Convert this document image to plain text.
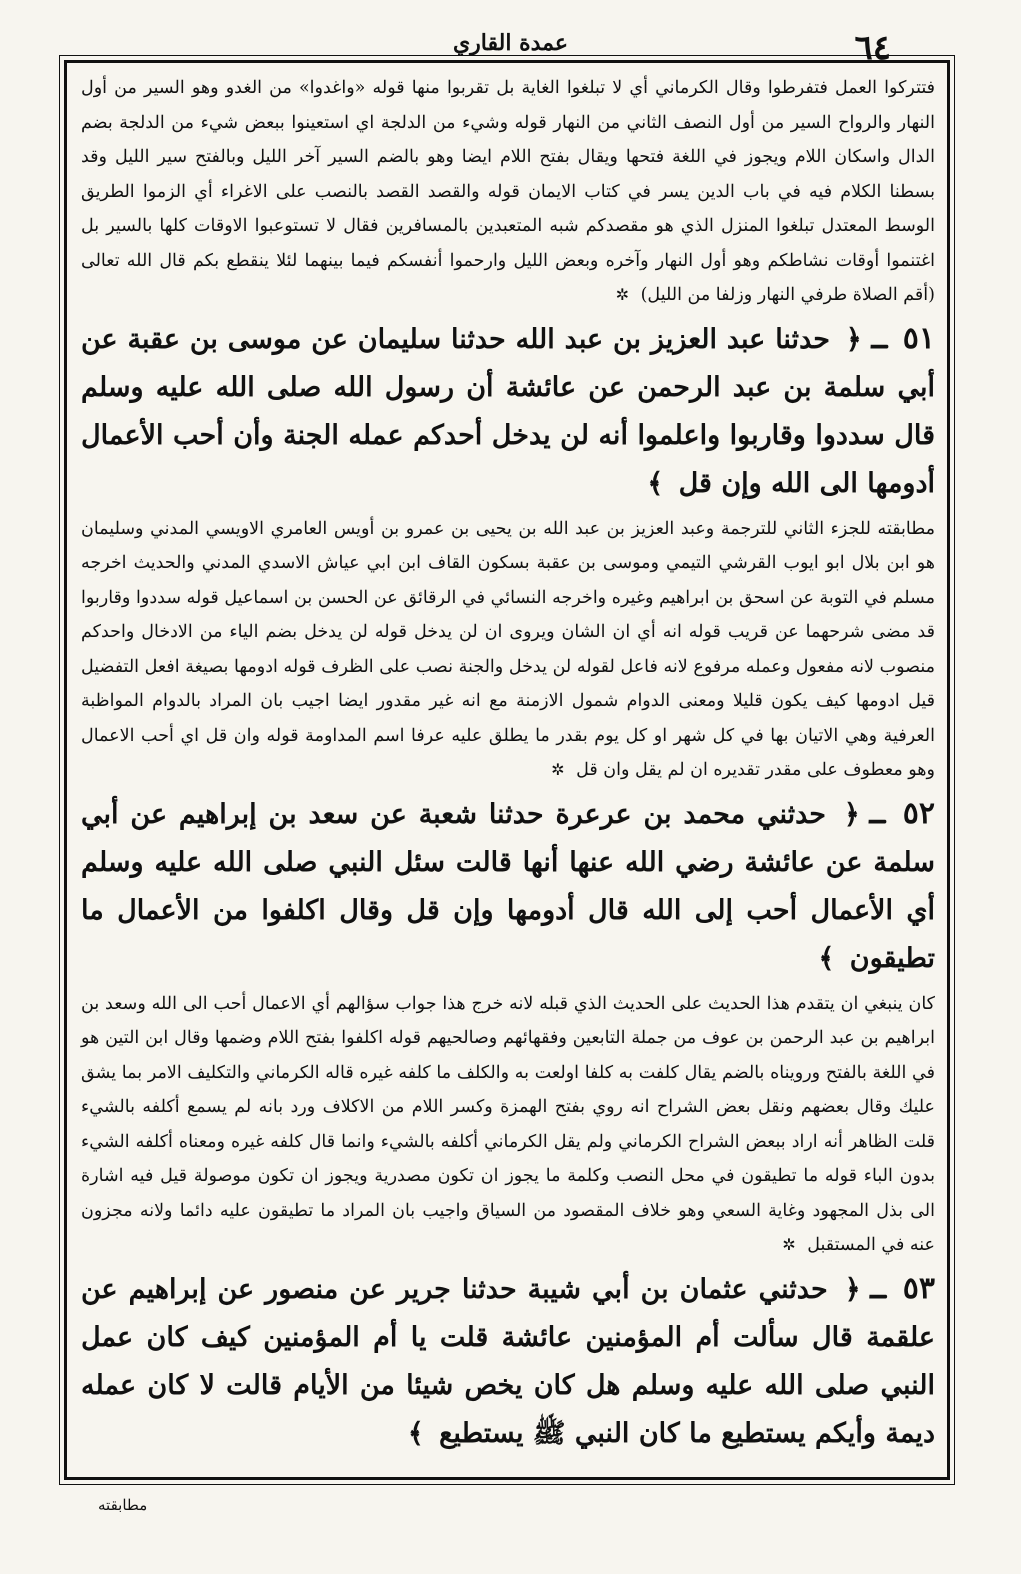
عمدة القاري	٦٤

فتتركوا العمل فتفرطوا وقال الكرماني أي لا تبلغوا الغاية بل تقربوا منها قوله «واغدوا» من الغدو وهو السير من أول النهار والرواح السير من أول النصف الثاني من النهار قوله وشيء من الدلجة اي استعينوا ببعض شيء من الدلجة بضم الدال واسكان اللام ويجوز في اللغة فتحها ويقال بفتح اللام ايضا وهو بالضم السير آخر الليل وبالفتح سير الليل وقد بسطنا الكلام فيه في باب الدين يسر في كتاب الايمان قوله والقصد القصد بالنصب على الاغراء أي الزموا الطريق الوسط المعتدل تبلغوا المنزل الذي هو مقصدكم شبه المتعبدين بالمسافرين فقال لا تستوعبوا الاوقات كلها بالسير بل اغتنموا أوقات نشاطكم وهو أول النهار وآخره وبعض الليل وارحموا أنفسكم فيما بينهما لئلا ينقطع بكم قال الله تعالى (أقم الصلاة طرفي النهار وزلفا من الليل) ✲

٥١ ـ ﴿ حدثنا عبد العزيز بن عبد الله حدثنا سليمان عن موسى بن عقبة عن أبي سلمة بن عبد الرحمن عن عائشة أن رسول الله صلى الله عليه وسلم قال سددوا وقاربوا واعلموا أنه لن يدخل أحدكم عمله الجنة وأن أحب الأعمال أدومها الى الله وإن قل ﴾

مطابقته للجزء الثاني للترجمة وعبد العزيز بن عبد الله بن يحيى بن عمرو بن أويس العامري الاويسي المدني وسليمان هو ابن بلال ابو ايوب القرشي التيمي وموسى بن عقبة بسكون القاف ابن ابي عياش الاسدي المدني والحديث اخرجه مسلم في التوبة عن اسحق بن ابراهيم وغيره واخرجه النسائي في الرقائق عن الحسن بن اسماعيل قوله سددوا وقاربوا قد مضى شرحهما عن قريب قوله انه أي ان الشان ويروى ان لن يدخل قوله لن يدخل بضم الياء من الادخال واحدكم منصوب لانه مفعول وعمله مرفوع لانه فاعل لقوله لن يدخل والجنة نصب على الظرف قوله ادومها بصيغة افعل التفضيل قيل ادومها كيف يكون قليلا ومعنى الدوام شمول الازمنة مع انه غير مقدور ايضا اجيب بان المراد بالدوام المواظبة العرفية وهي الاتيان بها في كل شهر او كل يوم بقدر ما يطلق عليه عرفا اسم المداومة قوله وان قل اي أحب الاعمال وهو معطوف على مقدر تقديره ان لم يقل وان قل ✲

٥٢ ـ ﴿ حدثني محمد بن عرعرة حدثنا شعبة عن سعد بن إبراهيم عن أبي سلمة عن عائشة رضي الله عنها أنها قالت سئل النبي صلى الله عليه وسلم أي الأعمال أحب إلى الله قال أدومها وإن قل وقال اكلفوا من الأعمال ما تطيقون ﴾

كان ينبغي ان يتقدم هذا الحديث على الحديث الذي قبله لانه خرج هذا جواب سؤالهم أي الاعمال أحب الى الله وسعد بن ابراهيم بن عبد الرحمن بن عوف من جملة التابعين وفقهائهم وصالحيهم قوله اكلفوا بفتح اللام وضمها وقال ابن التين هو في اللغة بالفتح ورويناه بالضم يقال كلفت به كلفا اولعت به والكلف ما كلفه غيره قاله الكرماني والتكليف الامر بما يشق عليك وقال بعضهم ونقل بعض الشراح انه روي بفتح الهمزة وكسر اللام من الاكلاف ورد بانه لم يسمع أكلفه بالشيء قلت الظاهر أنه اراد ببعض الشراح الكرماني ولم يقل الكرماني أكلفه بالشيء وانما قال كلفه غيره ومعناه أكلفه الشيء بدون الباء قوله ما تطيقون في محل النصب وكلمة ما يجوز ان تكون مصدرية ويجوز ان تكون موصولة قيل فيه اشارة الى بذل المجهود وغاية السعي وهو خلاف المقصود من السياق واجيب بان المراد ما تطيقون عليه دائما ولانه مجزون عنه في المستقبل ✲

٥٣ ـ ﴿ حدثني عثمان بن أبي شيبة حدثنا جرير عن منصور عن إبراهيم عن علقمة قال سألت أم المؤمنين عائشة قلت يا أم المؤمنين كيف كان عمل النبي صلى الله عليه وسلم هل كان يخص شيئا من الأيام قالت لا كان عمله ديمة وأيكم يستطيع ما كان النبي ﷺ يستطيع ﴾

مطابقته
